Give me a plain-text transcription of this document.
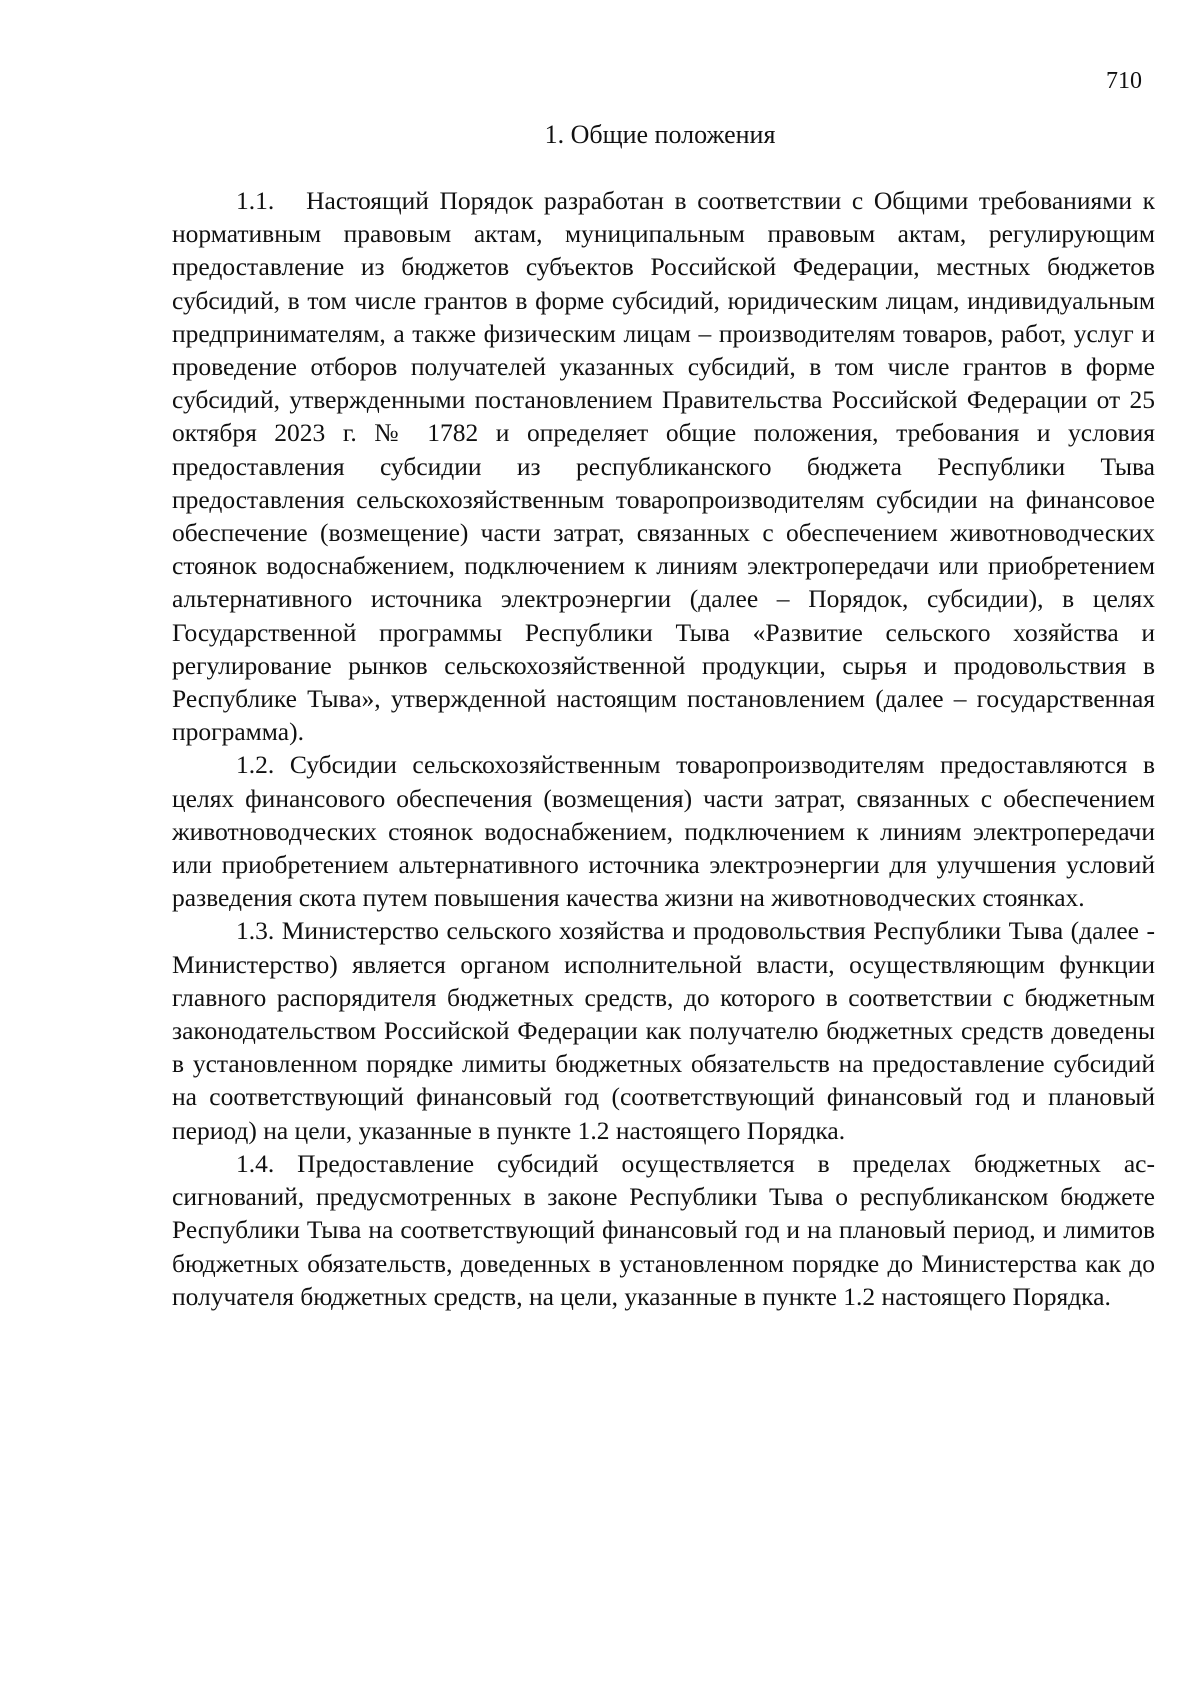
710
1. Общие положения

1.1.   Настоящий Порядок разработан в соответствии с Общими требованиями к нормативным правовым актам, муниципальным правовым актам, регулирующим предоставление из бюджетов субъектов Российской Федерации, местных бюджетов субсидий, в том числе грантов в форме субсидий, юридическим лицам, индивидуальным предпринимателям, а также физическим лицам – производителям товаров, работ, услуг и проведение отборов получателей указанных субсидий, в том числе грантов в форме субсидий, утвержденными постановлением Правительства Российской Федерации от 25 октября 2023 г. № 1782 и определяет общие положения, требования и условия предоставления субсидии из республиканского бюджета Республики Тыва предоставления сельскохозяйственным товаропроизводителям субсидии на финансовое обеспечение (возмещение) части затрат, связанных с обеспечением животноводческих стоянок водоснабжением, подключением к линиям электропередачи или приобретением альтернативного источника электроэнергии (далее – Порядок, субсидии), в целях Государственной программы Республики Тыва «Развитие сельского хозяйства и регулирование рынков сельскохозяйственной продукции, сырья и продовольствия в Республике Тыва», утвержденной настоящим постановлением (далее – государственная программа).

1.2. Субсидии сельскохозяйственным товаропроизводителям предоставляются в целях финансового обеспечения (возмещения) части затрат, связанных с обеспечением животноводческих стоянок водоснабжением, подключением к линиям электропередачи или приобретением альтернативного источника электроэнергии для улучшения условий разведения скота путем повышения качества жизни на животноводческих стоянках.

1.3. Министерство сельского хозяйства и продовольствия Республики Тыва (далее - Министерство) является органом исполнительной власти, осуществляющим функции главного распорядителя бюджетных средств, до которого в соответствии с бюджетным законодательством Российской Федерации как получателю бюджетных средств доведены в установленном порядке лимиты бюджетных обязательств на предоставление субсидий на соответствующий финансовый год (соответствующий финансовый год и плановый период) на цели, указанные в пункте 1.2 настоящего Порядка.

1.4. Предоставление субсидий осуществляется в пределах бюджетных ассигнований, предусмотренных в законе Республики Тыва о республиканском бюджете Республики Тыва на соответствующий финансовый год и на плановый период, и лимитов бюджетных обязательств, доведенных в установленном порядке до Министерства как до получателя бюджетных средств, на цели, указанные в пункте 1.2 настоящего Порядка.
